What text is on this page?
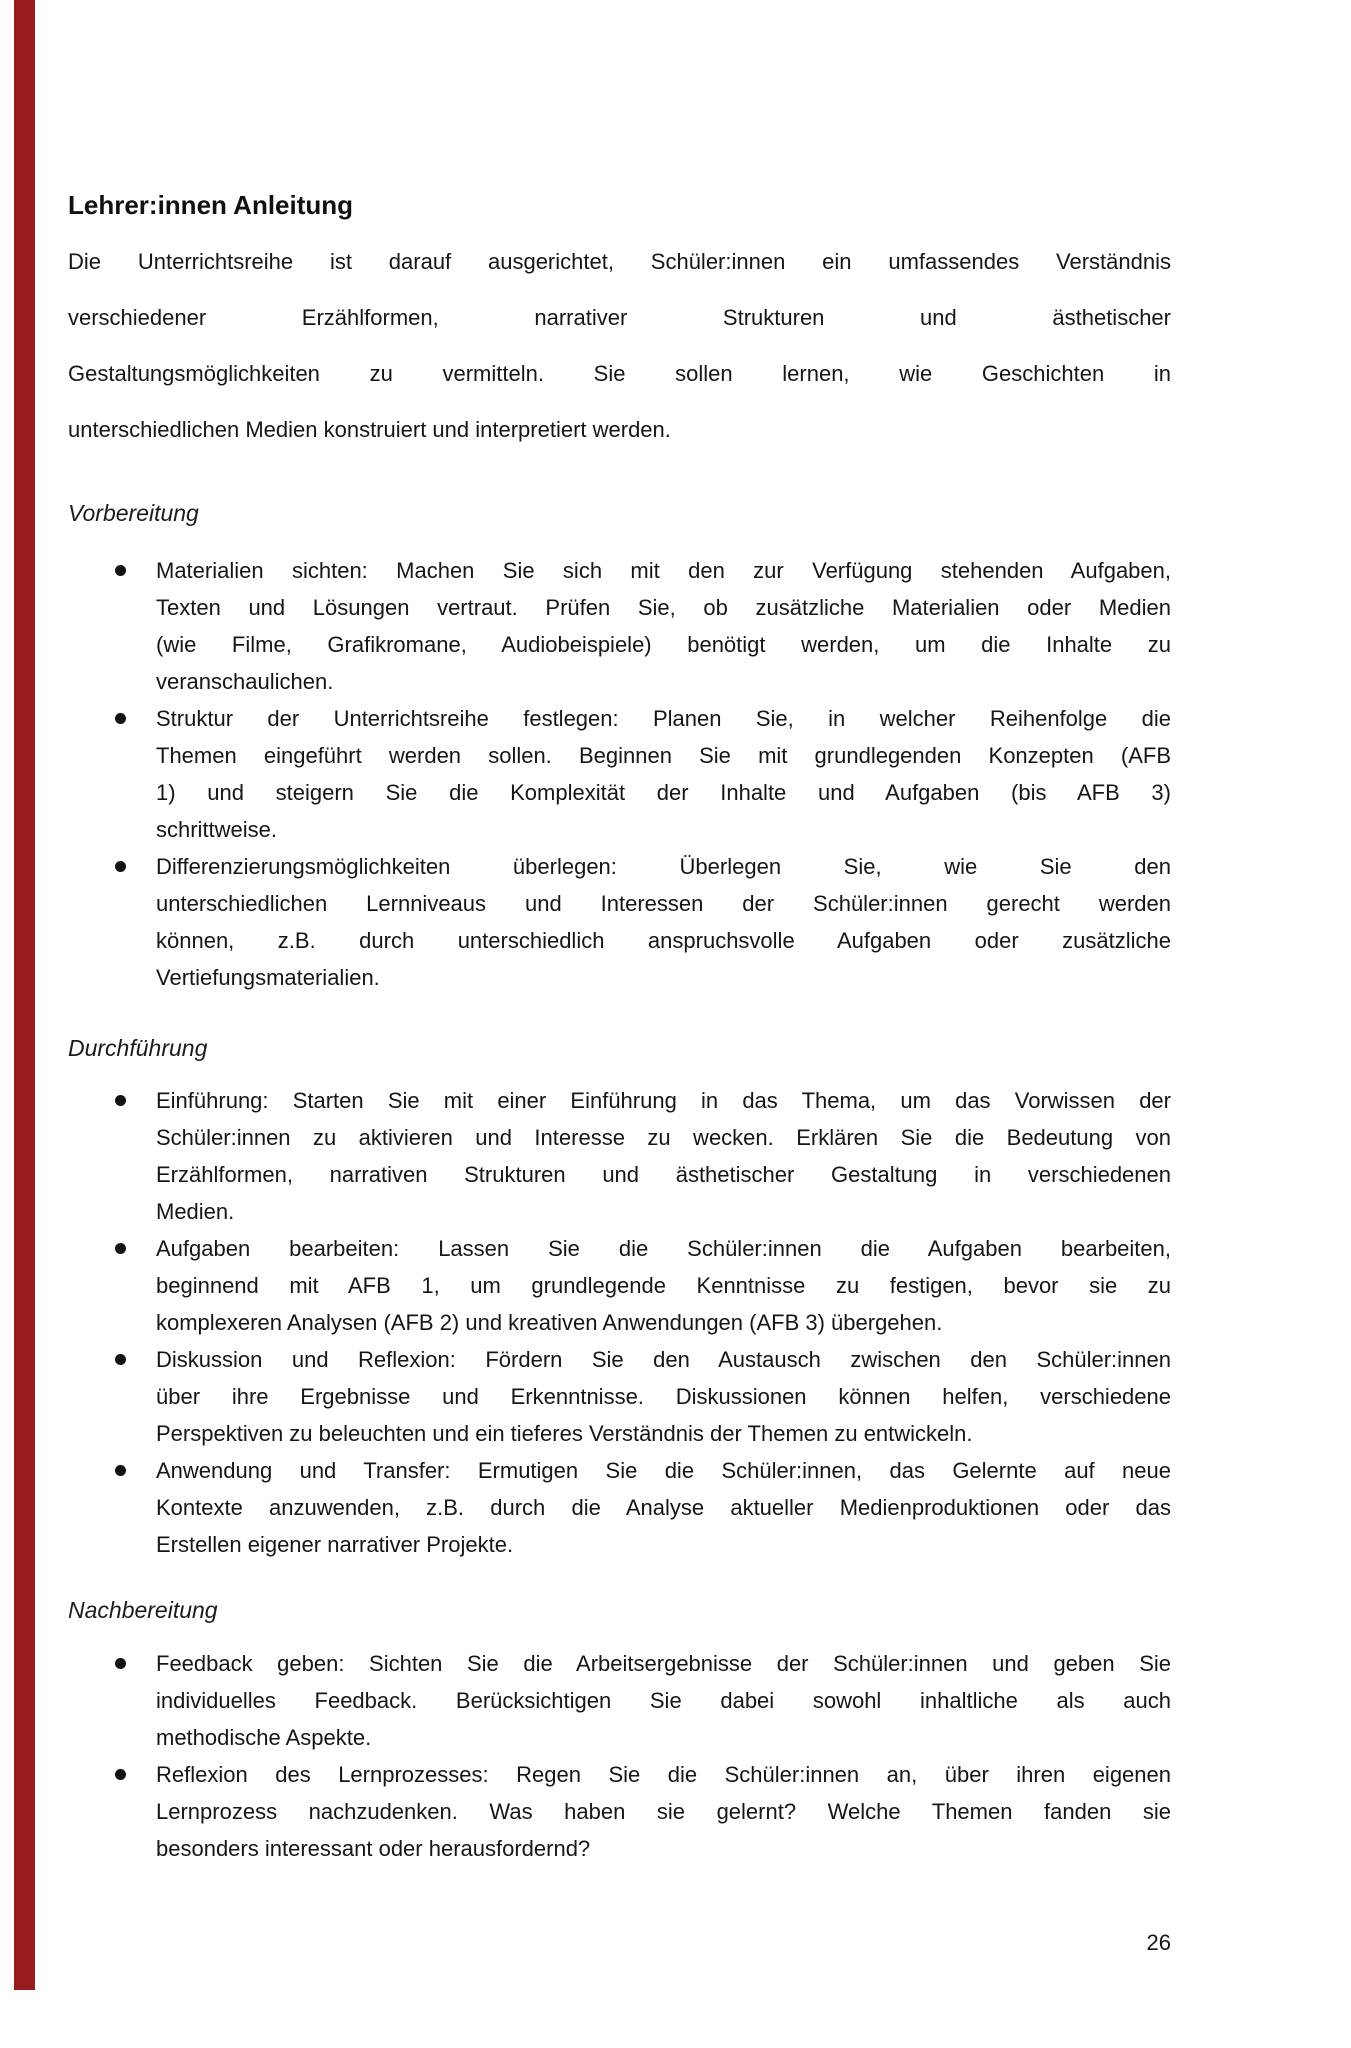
Lehrer:innen Anleitung
Die Unterrichtsreihe ist darauf ausgerichtet, Schüler:innen ein umfassendes Verständnis
verschiedener Erzählformen, narrativer Strukturen und ästhetischer
Gestaltungsmöglichkeiten zu vermitteln. Sie sollen lernen, wie Geschichten in
unterschiedlichen Medien konstruiert und interpretiert werden.
Vorbereitung
Materialien sichten: Machen Sie sich mit den zur Verfügung stehenden Aufgaben,
Texten und Lösungen vertraut. Prüfen Sie, ob zusätzliche Materialien oder Medien
(wie Filme, Grafikromane, Audiobeispiele) benötigt werden, um die Inhalte zu
veranschaulichen.
Struktur der Unterrichtsreihe festlegen: Planen Sie, in welcher Reihenfolge die
Themen eingeführt werden sollen. Beginnen Sie mit grundlegenden Konzepten (AFB
1) und steigern Sie die Komplexität der Inhalte und Aufgaben (bis AFB 3)
schrittweise.
Differenzierungsmöglichkeiten überlegen: Überlegen Sie, wie Sie den
unterschiedlichen Lernniveaus und Interessen der Schüler:innen gerecht werden
können, z.B. durch unterschiedlich anspruchsvolle Aufgaben oder zusätzliche
Vertiefungsmaterialien.
Durchführung
Einführung: Starten Sie mit einer Einführung in das Thema, um das Vorwissen der
Schüler:innen zu aktivieren und Interesse zu wecken. Erklären Sie die Bedeutung von
Erzählformen, narrativen Strukturen und ästhetischer Gestaltung in verschiedenen
Medien.
Aufgaben bearbeiten: Lassen Sie die Schüler:innen die Aufgaben bearbeiten,
beginnend mit AFB 1, um grundlegende Kenntnisse zu festigen, bevor sie zu
komplexeren Analysen (AFB 2) und kreativen Anwendungen (AFB 3) übergehen.
Diskussion und Reflexion: Fördern Sie den Austausch zwischen den Schüler:innen
über ihre Ergebnisse und Erkenntnisse. Diskussionen können helfen, verschiedene
Perspektiven zu beleuchten und ein tieferes Verständnis der Themen zu entwickeln.
Anwendung und Transfer: Ermutigen Sie die Schüler:innen, das Gelernte auf neue
Kontexte anzuwenden, z.B. durch die Analyse aktueller Medienproduktionen oder das
Erstellen eigener narrativer Projekte.
Nachbereitung
Feedback geben: Sichten Sie die Arbeitsergebnisse der Schüler:innen und geben Sie
individuelles Feedback. Berücksichtigen Sie dabei sowohl inhaltliche als auch
methodische Aspekte.
Reflexion des Lernprozesses: Regen Sie die Schüler:innen an, über ihren eigenen
Lernprozess nachzudenken. Was haben sie gelernt? Welche Themen fanden sie
besonders interessant oder herausfordernd?
26
